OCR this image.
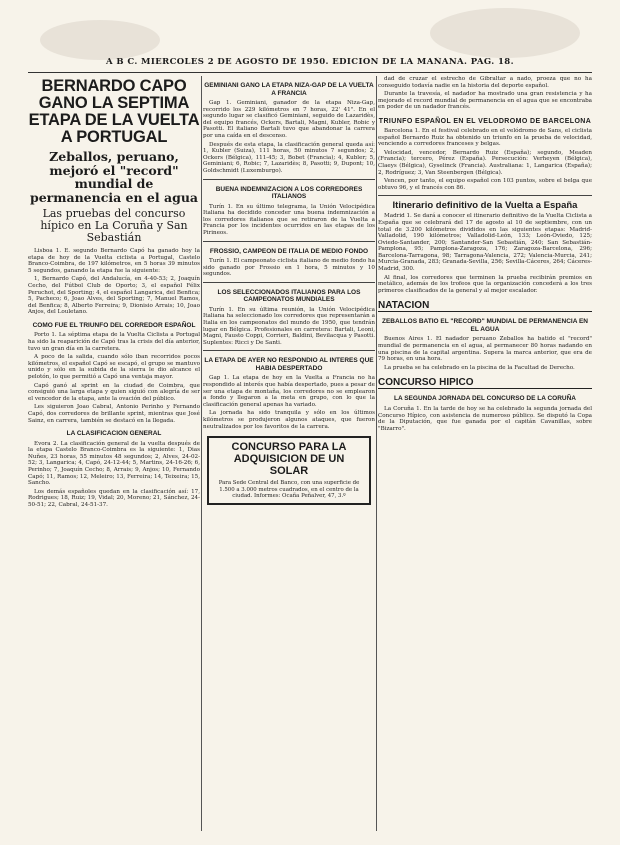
A B C. MIERCOLES 2 DE AGOSTO DE 1950. EDICION DE LA MAÑANA. PAG. 18.
BERNARDO CAPO GANO LA SEPTIMA ETAPA DE LA VUELTA A PORTUGAL
Zeballos, peruano, mejoró el "record" mundial de permanencia en el agua
Las pruebas del concurso hípico en La Coruña y San Sebastián

Lisboa 1. E. segundo Bernardo Capó ha ganado hoy la etapa de hoy de la Vuelta ciclista a Portugal, Castelo Branco-Coimbra, de 197 kilómetros, en 5 horas 39 minutos 5 segundos, ganando la etapa fue la siguiente:

1, Bernardo Capó, del Andalucía, en 4-40-53; 2, Joaquín Cecho, del Fútbol Club de Oporto; 3, el español Félix Peruchot, del Sporting; 4, el español Langarica, del Benfica; 5, Pacheco; 6, Joao Alves, del Sporting; 7, Manuel Ramos, del Benfica; 8, Alberto Ferreira; 9, Dionisio Arrais; 10, Joao Anjos, del Louletano.

COMO FUE EL TRIUNFO DEL CORREDOR ESPAÑOL

Porto 1. La séptima etapa de la Vuelta Ciclista a Portugal ha sido la reaparición de Capó tras la crisis del día anterior, tuvo un gran día en la carretera.

A poco de la salida, cuando sólo iban recorridos pocos kilómetros, el español Capó se escapó, el grupo se mantuvo unido y sólo en la subida de la sierra le dio alcance el pelotón, lo que permitió a Capó una ventaja mayor.

Capó ganó al sprint en la ciudad de Coimbra, que consiguió una larga etapa y quien siguió con alegría de ser el vencedor de la etapa, ante la ovación del público.

Les siguieron Joao Cabral, Antonio Perinho y Fernando Capó, dos corredores de brillante sprint, mientras que José Sainz, en carrera, también se destacó en la llegada.

LA CLASIFICACION GENERAL

Evora 2. La clasificación general de la vuelta después de la etapa Castelo Branco-Coimbra es la siguiente: 1, Dias Nuñes, 23 horas, 55 minutos 48 segundos; 2, Alves, 24-02-52; 3, Langarica; 4, Capó, 24-12-44; 5, Martins, 24-16-26; 6, Perinho; 7, Joaquín Cecho; 8, Arrais; 9, Anjos; 10, Fernando Capó; 11, Ramos; 12, Meleiro; 13, Ferreira; 14, Teixeira; 15, Sancho.

Los demás españoles quedan en la clasificación así: 17, Rodrigues; 18, Ruiz; 19, Vidal; 20, Moreno; 21, Sánchez, 24-50-51; 22, Cabral, 24-51-37.

GEMINIANI GANO LA ETAPA NIZA-GAP DE LA VUELTA A FRANCIA

Gap 1. Geminiani, ganador de la etapa Niza-Gap, recorrido los 229 kilómetros en 7 horas, 22' 41". En el segundo lugar se clasificó Geminiani, seguido de Lazaridès, del equipo francés, Ockers, Bartali, Magni, Kubler, Robic y Pasotti. El italiano Bartali tuvo que abandonar la carrera por una caída en el descenso.

Después de esta etapa, la clasificación general queda así: 1, Kubler (Suiza), 111 horas, 50 minutos 7 segundos; 2, Ockers (Bélgica), 111-45; 3, Bobet (Francia); 4, Kubler; 5, Geminiani; 6, Robic; 7, Lazaridès; 8, Pasotti; 9, Dupont; 10, Goldschmidt (Luxemburgo).

BUENA INDEMNIZACION A LOS CORREDORES ITALIANOS

Turín 1. En su último telegrama, la Unión Velocipédica Italiana ha decidido conceder una buena indemnización a los corredores italianos que se retiraron de la Vuelta a Francia por los incidentes ocurridos en las etapas de los Pirineos.

FROSSIO, CAMPEON DE ITALIA DE MEDIO FONDO

Turín 1. El campeonato ciclista italiano de medio fondo ha sido ganado por Frossio en 1 hora, 5 minutos y 10 segundos.

LOS SELECCIONADOS ITALIANOS PARA LOS CAMPEONATOS MUNDIALES

Turín 1. En su última reunión, la Unión Velocipédica Italiana ha seleccionado los corredores que representarán a Italia en los campeonatos del mundo de 1950, que tendrán lugar en Bélgica. Profesionales en carretera: Bartali, Leoni, Magni, Fausto Coppi, Corrieri, Baldini, Bevilacqua y Pasotti. Suplentes: Ricci y De Santi.

LA ETAPA DE AYER NO RESPONDIO AL INTERES QUE HABIA DESPERTADO

Gap 1. La etapa de hoy en la Vuelta a Francia no ha respondido al interés que había despertado, pues a pesar de ser una etapa de montaña, los corredores no se emplearon a fondo y llegaron a la meta en grupo, con lo que la clasificación general apenas ha variado.

La jornada ha sido tranquila y sólo en los últimos kilómetros se produjeron algunos ataques, que fueron neutralizados por los favoritos de la carrera.

CONCURSO PARA LA ADQUISICION DE UN SOLAR
Para Sede Central del Banco, con una superficie de 1.500 a 3.000 metros cuadrados, en el centro de la ciudad. Informes: Ocaña Peñalver, 47, 3.º

dad de cruzar el estrecho de Gibraltar a nado, proeza que no ha conseguido todavía nadie en la historia del deporte español.

Durante la travesía, el nadador ha mostrado una gran resistencia y ha mejorado el record mundial de permanencia en el agua que se encontraba en poder de un nadador francés.

TRIUNFO ESPAÑOL EN EL VELODROMO DE BARCELONA

Barcelona 1. En el festival celebrado en el velódromo de Sans, el ciclista español Bernardo Ruiz ha obtenido un triunfo en la prueba de velocidad, venciendo a corredores franceses y belgas.

Velocidad, vencedor, Bernardo Ruiz (España); segundo, Meaden (Francia); tercero, Pérez (España). Persecución: Verheyen (Bélgica), Claeys (Bélgica), Gyselinck (Francia). Australiana: 1, Langarica (España); 2, Rodríguez; 3, Van Steenbergen (Bélgica).

Vencen, por tanto, el equipo español con 103 puntos, sobre el belga que obtuvo 96, y el francés con 86.

Itinerario definitivo de la Vuelta a España

Madrid 1. Se dará a conocer el itinerario definitivo de la Vuelta Ciclista a España que se celebrará del 17 de agosto al 10 de septiembre, con un total de 3.200 kilómetros divididos en las siguientes etapas: Madrid-Valladolid, 190 kilómetros; Valladolid-León, 133; León-Oviedo, 125; Oviedo-Santander, 200; Santander-San Sebastián, 240; San Sebastián-Pamplona, 95; Pamplona-Zaragoza, 176; Zaragoza-Barcelona, 296; Barcelona-Tarragona, 98; Tarragona-Valencia, 272; Valencia-Murcia, 241; Murcia-Granada, 283; Granada-Sevilla, 256; Sevilla-Cáceres, 264; Cáceres-Madrid, 300.

Al final, los corredores que terminen la prueba recibirán premios en metálico, además de los trofeos que la organización concederá a los tres primeros clasificados de la general y al mejor escalador.

NATACION
ZEBALLOS BATIO EL "RECORD" MUNDIAL DE PERMANENCIA EN EL AGUA

Buenos Aires 1. El nadador peruano Zeballos ha batido el "record" mundial de permanencia en el agua, al permanecer 80 horas nadando en una piscina de la capital argentina. Supera la marca anterior, que era de 79 horas, en una hora.

La prueba se ha celebrado en la piscina de la Facultad de Derecho.

CONCURSO HIPICO
LA SEGUNDA JORNADA DEL CONCURSO DE LA CORUÑA

La Coruña 1. En la tarde de hoy se ha celebrado la segunda jornada del Concurso Hípico, con asistencia de numeroso público. Se disputó la Copa de la Diputación, que fue ganada por el capitán Cavanillas, sobre "Bizarro".
